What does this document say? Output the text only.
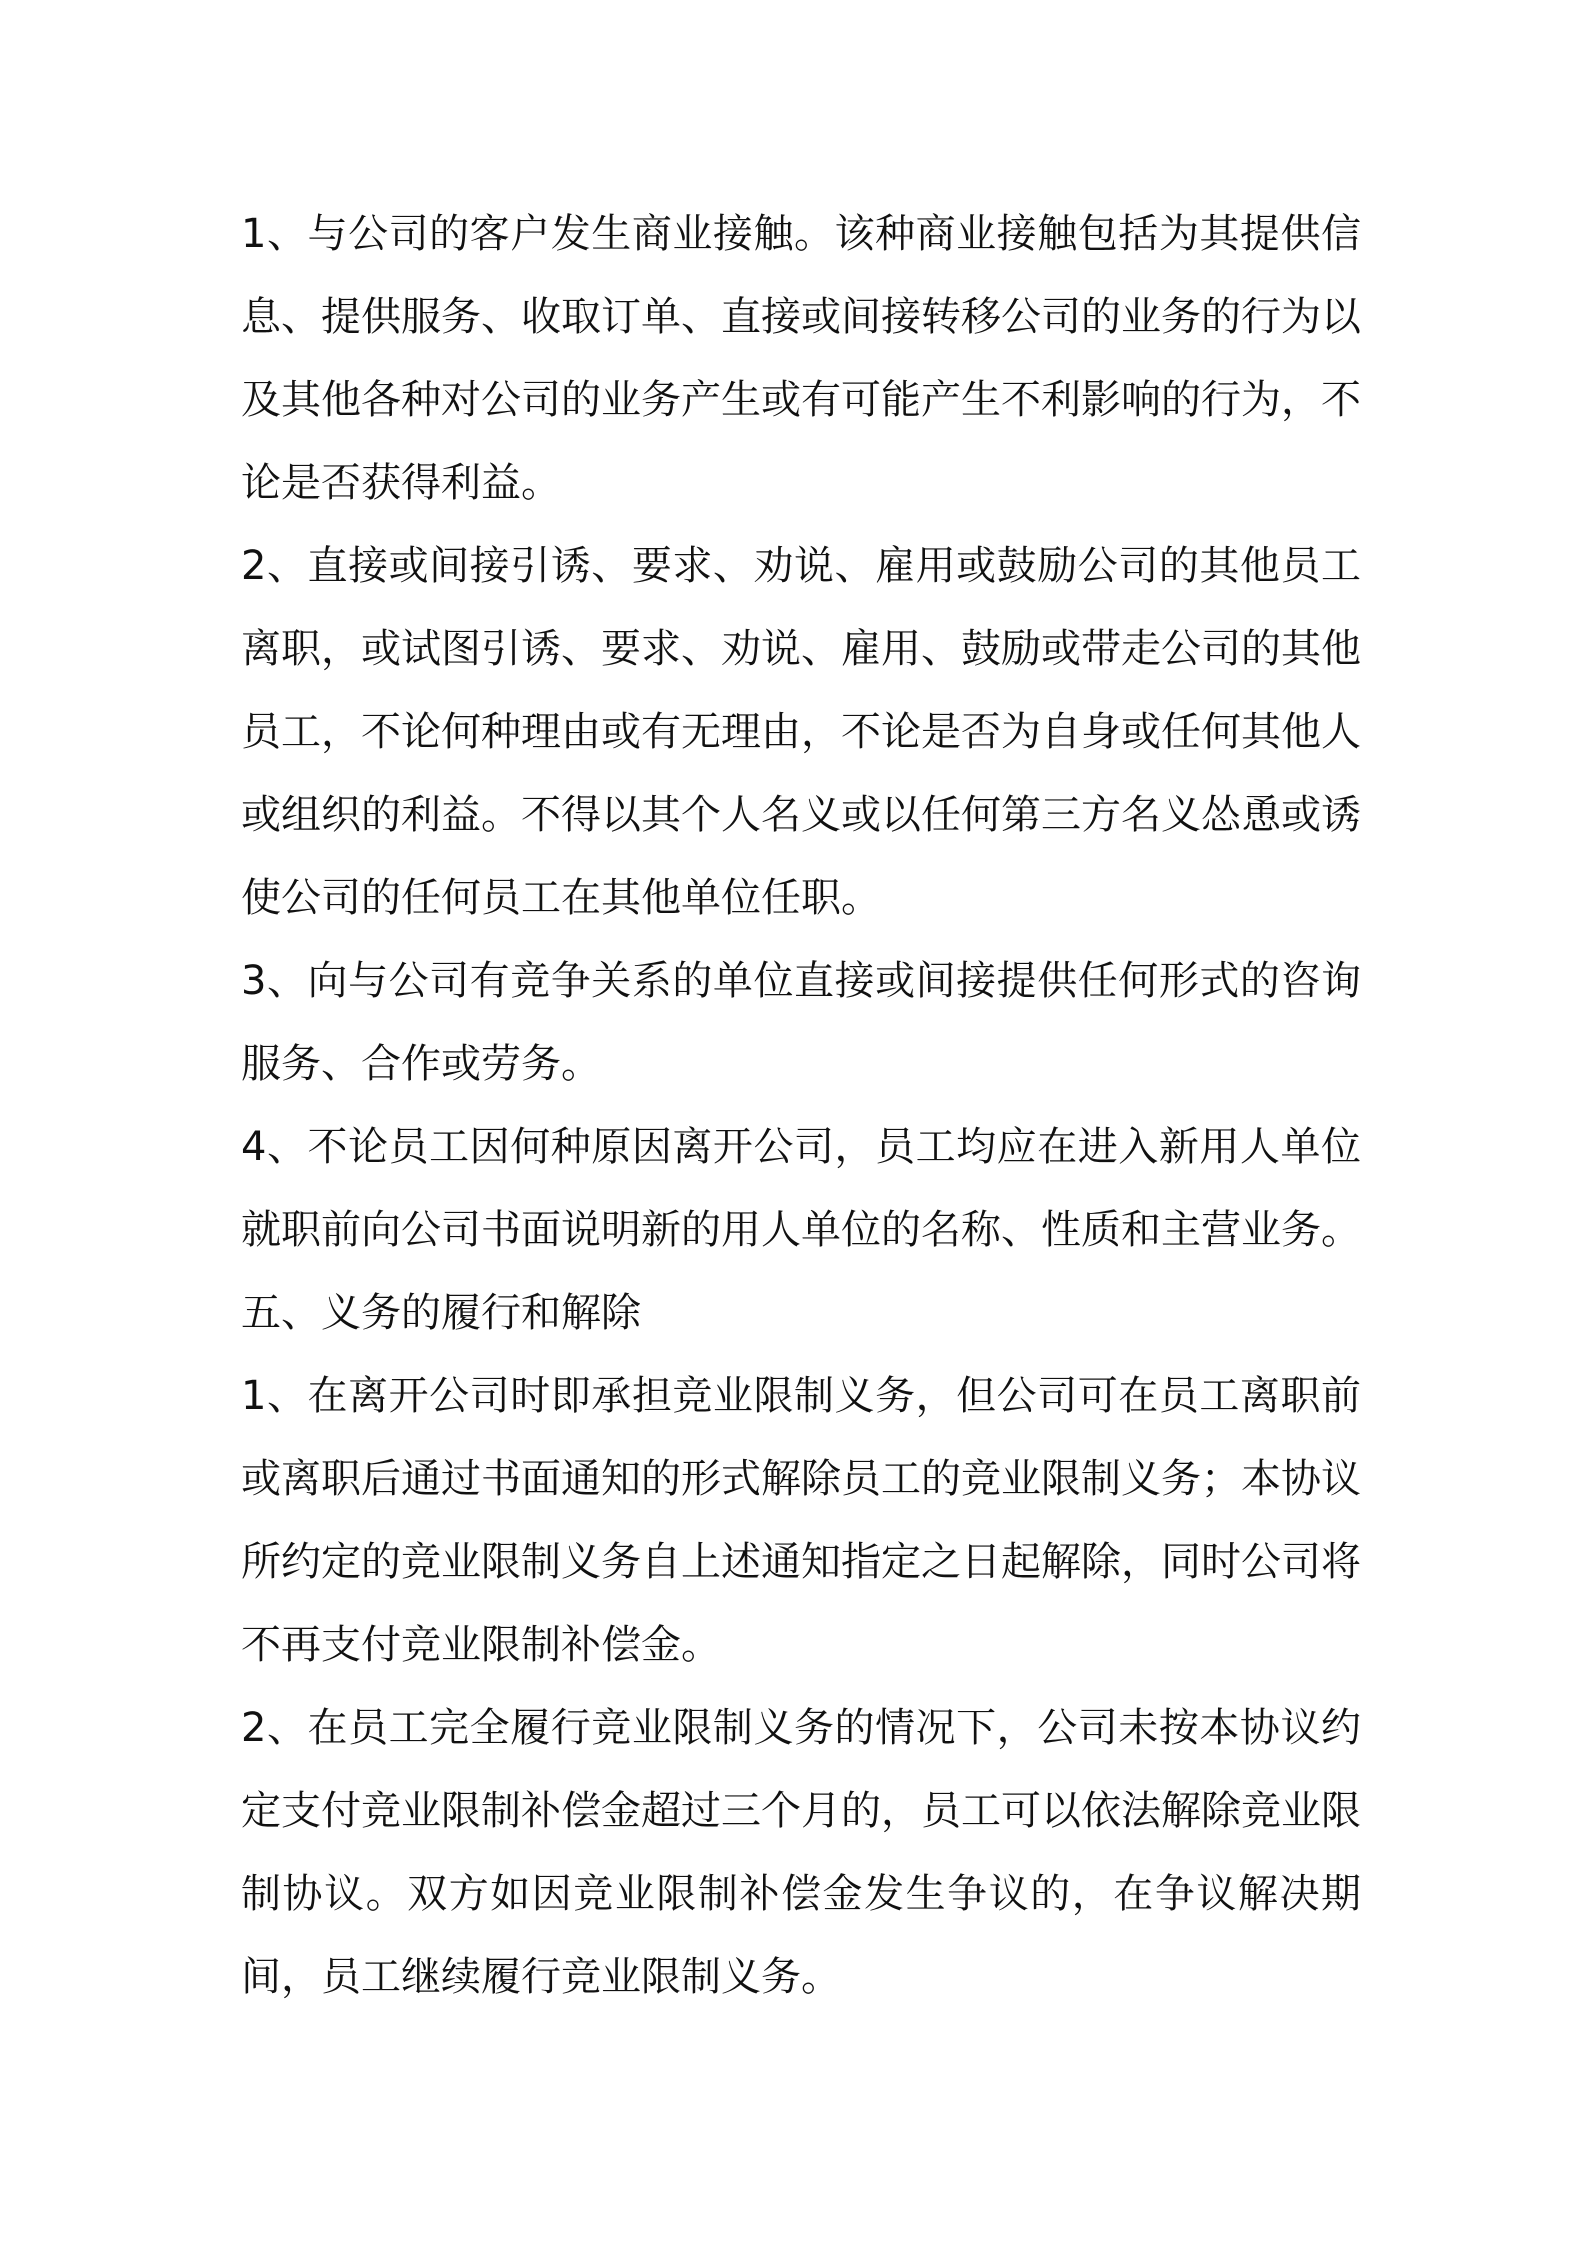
1、与公司的客户发生商业接触。该种商业接触包括为其提供信息、提供服务、收取订单、直接或间接转移公司的业务的行为以及其他各种对公司的业务产生或有可能产生不利影响的行为，不论是否获得利益。

2、直接或间接引诱、要求、劝说、雇用或鼓励公司的其他员工离职，或试图引诱、要求、劝说、雇用、鼓励或带走公司的其他员工，不论何种理由或有无理由，不论是否为自身或任何其他人或组织的利益。不得以其个人名义或以任何第三方名义怂恿或诱使公司的任何员工在其他单位任职。

3、向与公司有竞争关系的单位直接或间接提供任何形式的咨询服务、合作或劳务。

4、不论员工因何种原因离开公司，员工均应在进入新用人单位就职前向公司书面说明新的用人单位的名称、性质和主营业务。

五、义务的履行和解除

1、在离开公司时即承担竞业限制义务，但公司可在员工离职前或离职后通过书面通知的形式解除员工的竞业限制义务；本协议所约定的竞业限制义务自上述通知指定之日起解除，同时公司将不再支付竞业限制补偿金。

2、在员工完全履行竞业限制义务的情况下，公司未按本协议约定支付竞业限制补偿金超过三个月的，员工可以依法解除竞业限制协议。双方如因竞业限制补偿金发生争议的，在争议解决期间，员工继续履行竞业限制义务。
